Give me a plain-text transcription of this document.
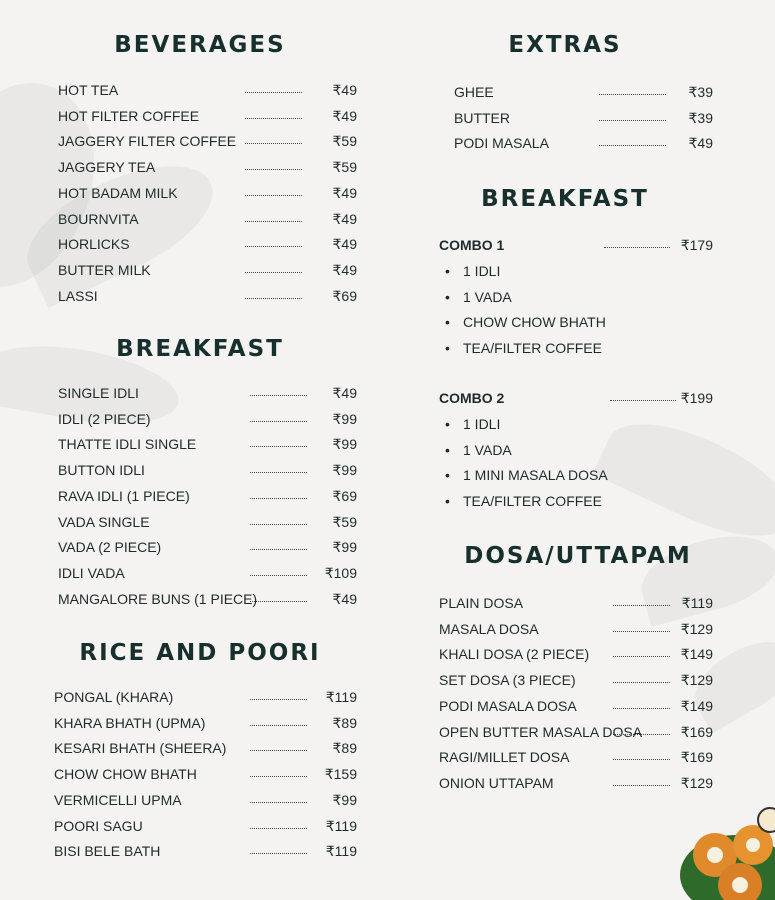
BEVERAGES
HOT TEA	₹49
HOT FILTER COFFEE	₹49
JAGGERY FILTER COFFEE	₹59
JAGGERY TEA	₹59
HOT BADAM MILK	₹49
BOURNVITA	₹49
HORLICKS	₹49
BUTTER MILK	₹49
LASSI	₹69
BREAKFAST
SINGLE IDLI	₹49
IDLI (2 PIECE)	₹99
THATTE IDLI SINGLE	₹99
BUTTON IDLI	₹99
RAVA IDLI (1 PIECE)	₹69
VADA SINGLE	₹59
VADA (2 PIECE)	₹99
IDLI VADA	₹109
MANGALORE BUNS (1 PIECE)	₹49
RICE AND POORI
PONGAL (KHARA)	₹119
KHARA BHATH (UPMA)	₹89
KESARI BHATH (SHEERA)	₹89
CHOW CHOW BHATH	₹159
VERMICELLI UPMA	₹99
POORI SAGU	₹119
BISI BELE BATH	₹119
EXTRAS
GHEE	₹39
BUTTER	₹39
PODI MASALA	₹49
BREAKFAST
COMBO 1	₹179
• 1 IDLI
• 1 VADA
• CHOW CHOW BHATH
• TEA/FILTER COFFEE
COMBO 2	₹199
• 1 IDLI
• 1 VADA
• 1 MINI MASALA DOSA
• TEA/FILTER COFFEE
DOSA/UTTAPAM
PLAIN DOSA	₹119
MASALA DOSA	₹129
KHALI DOSA (2 PIECE)	₹149
SET DOSA (3 PIECE)	₹129
PODI MASALA DOSA	₹149
OPEN BUTTER MASALA DOSA	₹169
RAGI/MILLET DOSA	₹169
ONION UTTAPAM	₹129
